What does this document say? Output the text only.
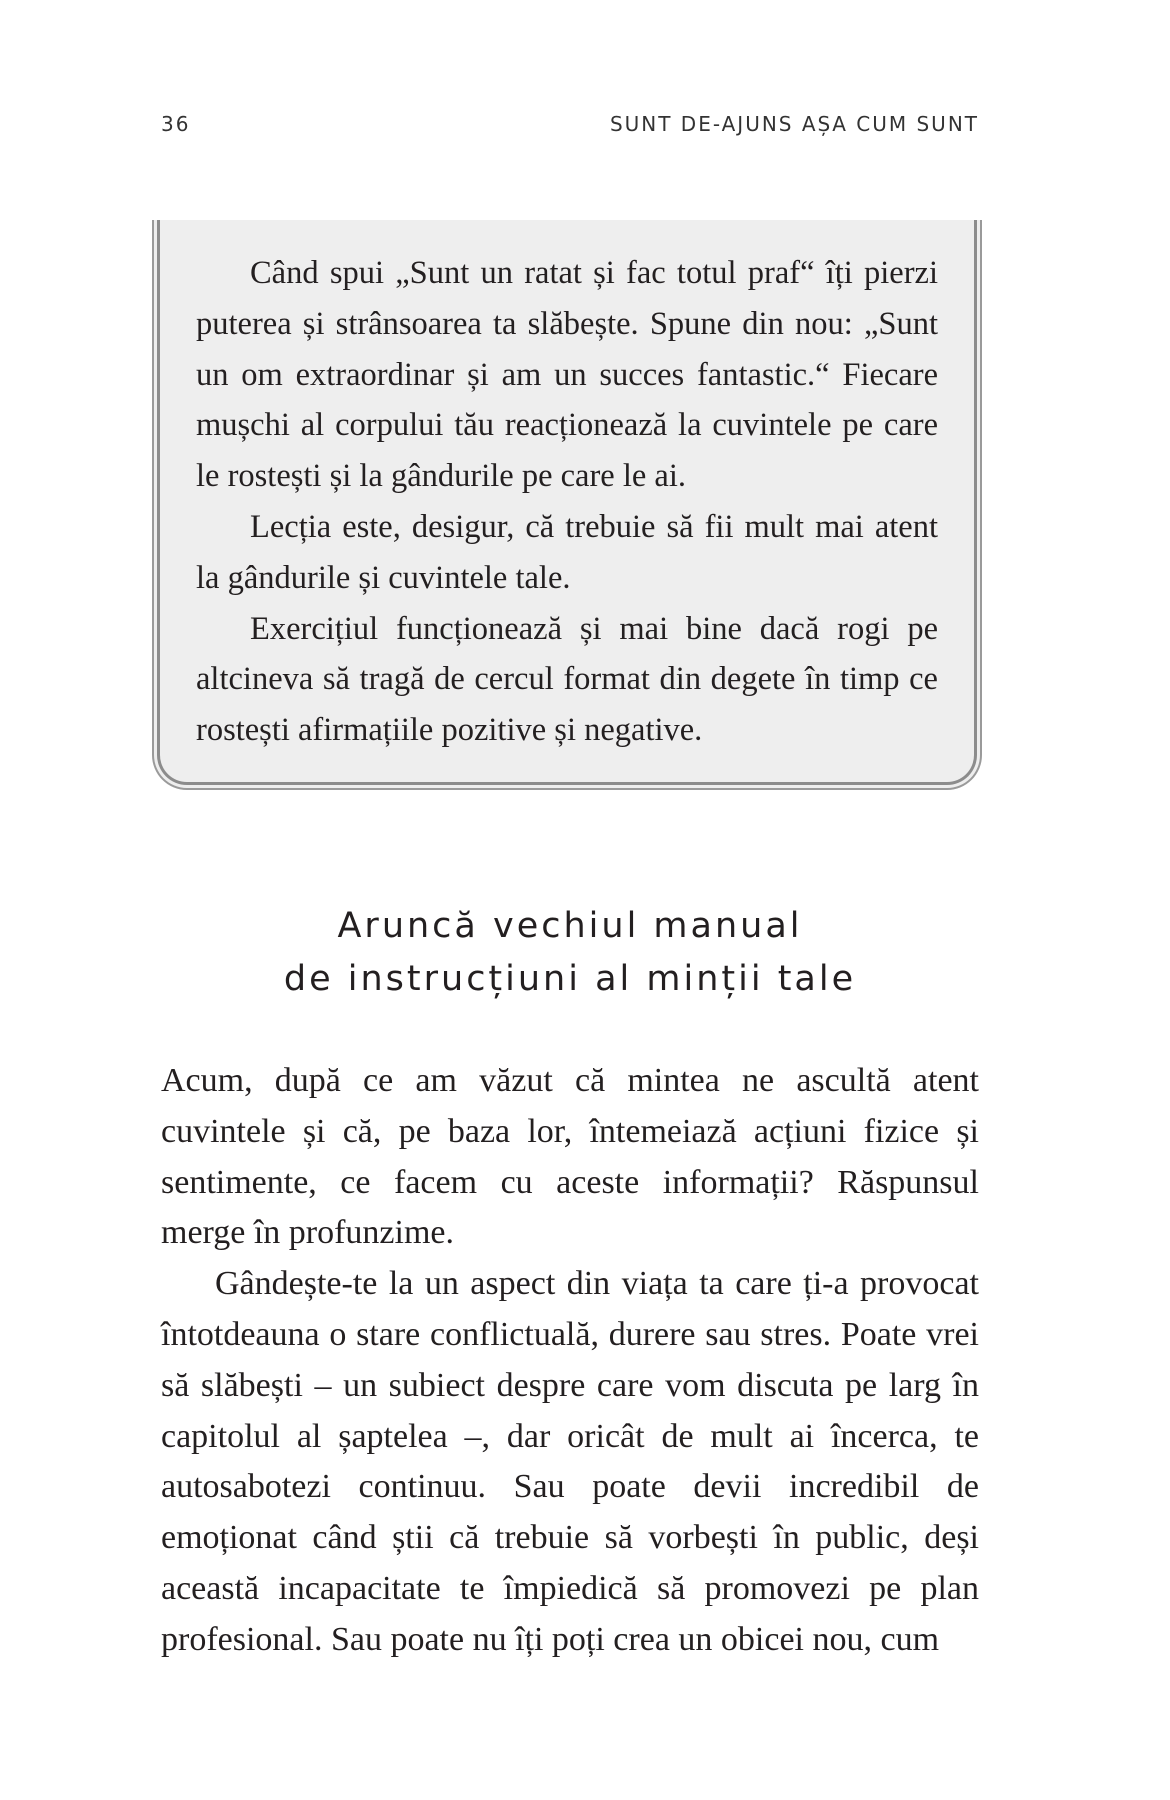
36	SUNT DE-AJUNS AȘA CUM SUNT

Când spui „Sunt un ratat și fac totul praf“ îți pierzi puterea și strânsoarea ta slăbește. Spune din nou: „Sunt un om extraordinar și am un succes fantastic.“ Fiecare mușchi al corpului tău reacționează la cuvintele pe care le rostești și la gândurile pe care le ai.

Lecția este, desigur, că trebuie să fii mult mai atent la gândurile și cuvintele tale.

Exercițiul funcționează și mai bine dacă rogi pe altcineva să tragă de cercul format din degete în timp ce rostești afirmațiile pozitive și negative.

Aruncă vechiul manual
de instrucțiuni al minții tale

Acum, după ce am văzut că mintea ne ascultă atent cuvintele și că, pe baza lor, întemeiază acțiuni fizice și sentimente, ce facem cu aceste informații? Răspunsul merge în profunzime.

Gândește-te la un aspect din viața ta care ți-a provocat întotdeauna o stare conflictuală, durere sau stres. Poate vrei să slăbești – un subiect despre care vom discuta pe larg în capitolul al șaptelea –, dar oricât de mult ai încerca, te autosabotezi continuu. Sau poate devii incredibil de emoționat când știi că trebuie să vorbești în public, deși această incapacitate te împiedică să promovezi pe plan profesional. Sau poate nu îți poți crea un obicei nou, cum
